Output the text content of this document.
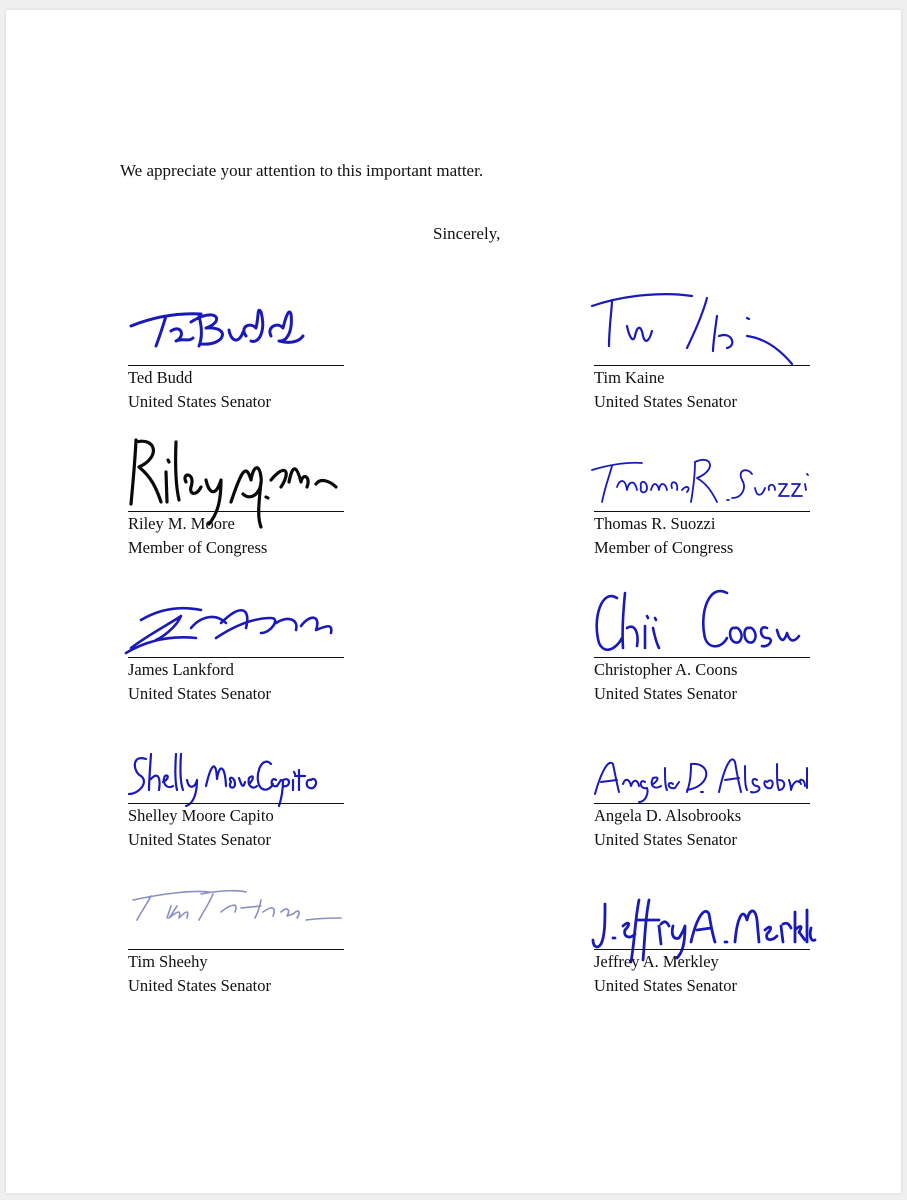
We appreciate your attention to this important matter.
Sincerely,
Ted Budd
United States Senator
Tim Kaine
United States Senator
Riley M. Moore
Member of Congress
Thomas R. Suozzi
Member of Congress
James Lankford
United States Senator
Christopher A. Coons
United States Senator
Shelley Moore Capito
United States Senator
Angela D. Alsobrooks
United States Senator
Tim Sheehy
United States Senator
Jeffrey A. Merkley
United States Senator
